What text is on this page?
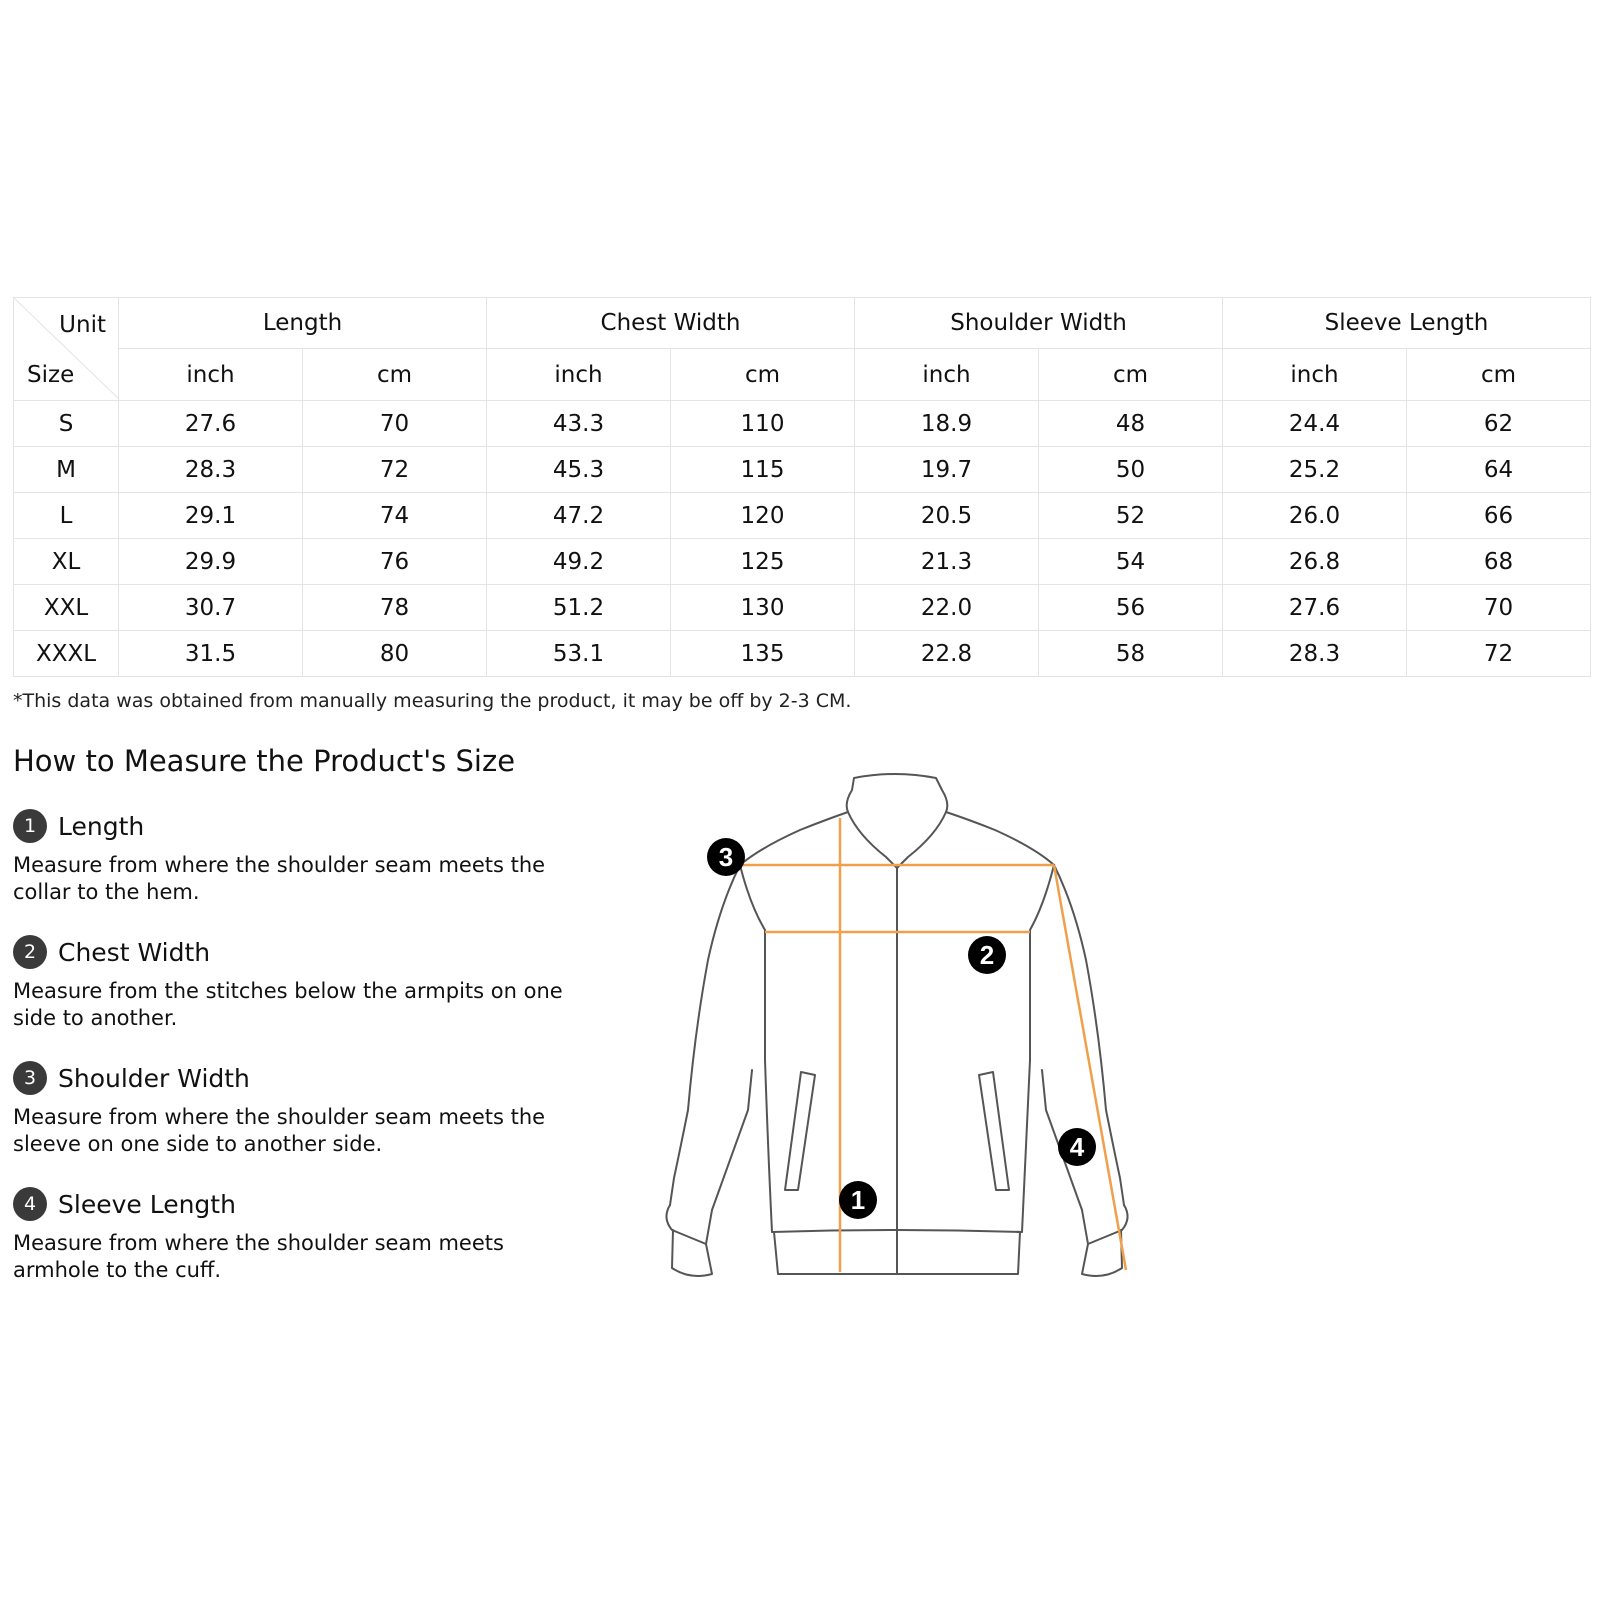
Unit
Size	Length		Chest Width		Shoulder Width		Sleeve Length	
	inch	cm	inch	cm	inch	cm	inch	cm
S	27.6	70	43.3	110	18.9	48	24.4	62
M	28.3	72	45.3	115	19.7	50	25.2	64
L	29.1	74	47.2	120	20.5	52	26.0	66
XL	29.9	76	49.2	125	21.3	54	26.8	68
XXL	30.7	78	51.2	130	22.0	56	27.6	70
XXXL	31.5	80	53.1	135	22.8	58	28.3	72
*This data was obtained from manually measuring the product, it may be off by 2-3 CM.
How to Measure the Product's Size
1 Length
Measure from where the shoulder seam meets the collar to the hem.
2 Chest Width
Measure from the stitches below the armpits on one side to another.
3 Shoulder Width
Measure from where the shoulder seam meets the sleeve on one side to another side.
4 Sleeve Length
Measure from where the shoulder seam meets armhole to the cuff.
1
2
3
4
